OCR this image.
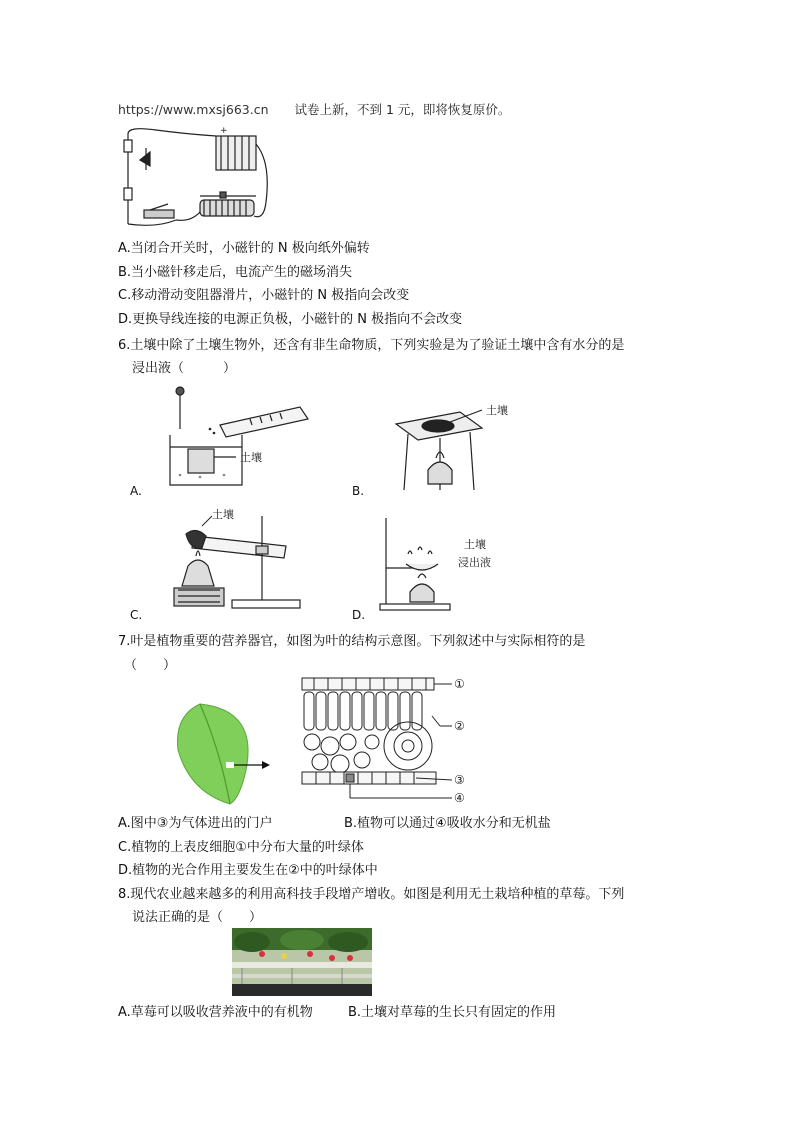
https://www.mxsj663.cn 试卷上新，不到 1 元，即将恢复原价。
+
A.当闭合开关时，小磁针的 N 极向纸外偏转
B.当小磁针移走后，电流产生的磁场消失
C.移动滑动变阻器滑片，小磁针的 N 极指向会改变
D.更换导线连接的电源正负极，小磁针的 N 极指向不会改变
6.土壤中除了土壤生物外，还含有非生命物质，下列实验是为了验证土壤中含有水分的是
浸出液（　　　）
土壤
A.
土壤
B.
土壤
C.
土壤
浸出液
D.
7.叶是植物重要的营养器官，如图为叶的结构示意图。下列叙述中与实际相符的是
（　　）
①
②
③
④
A.图中③为气体进出的门户	B.植物可以通过④吸收水分和无机盐
C.植物的上表皮细胞①中分布大量的叶绿体
D.植物的光合作用主要发生在②中的叶绿体中
8.现代农业越来越多的利用高科技手段增产增收。如图是利用无土栽培种植的草莓。下列
说法正确的是（　　）
A.草莓可以吸收营养液中的有机物	B.土壤对草莓的生长只有固定的作用
